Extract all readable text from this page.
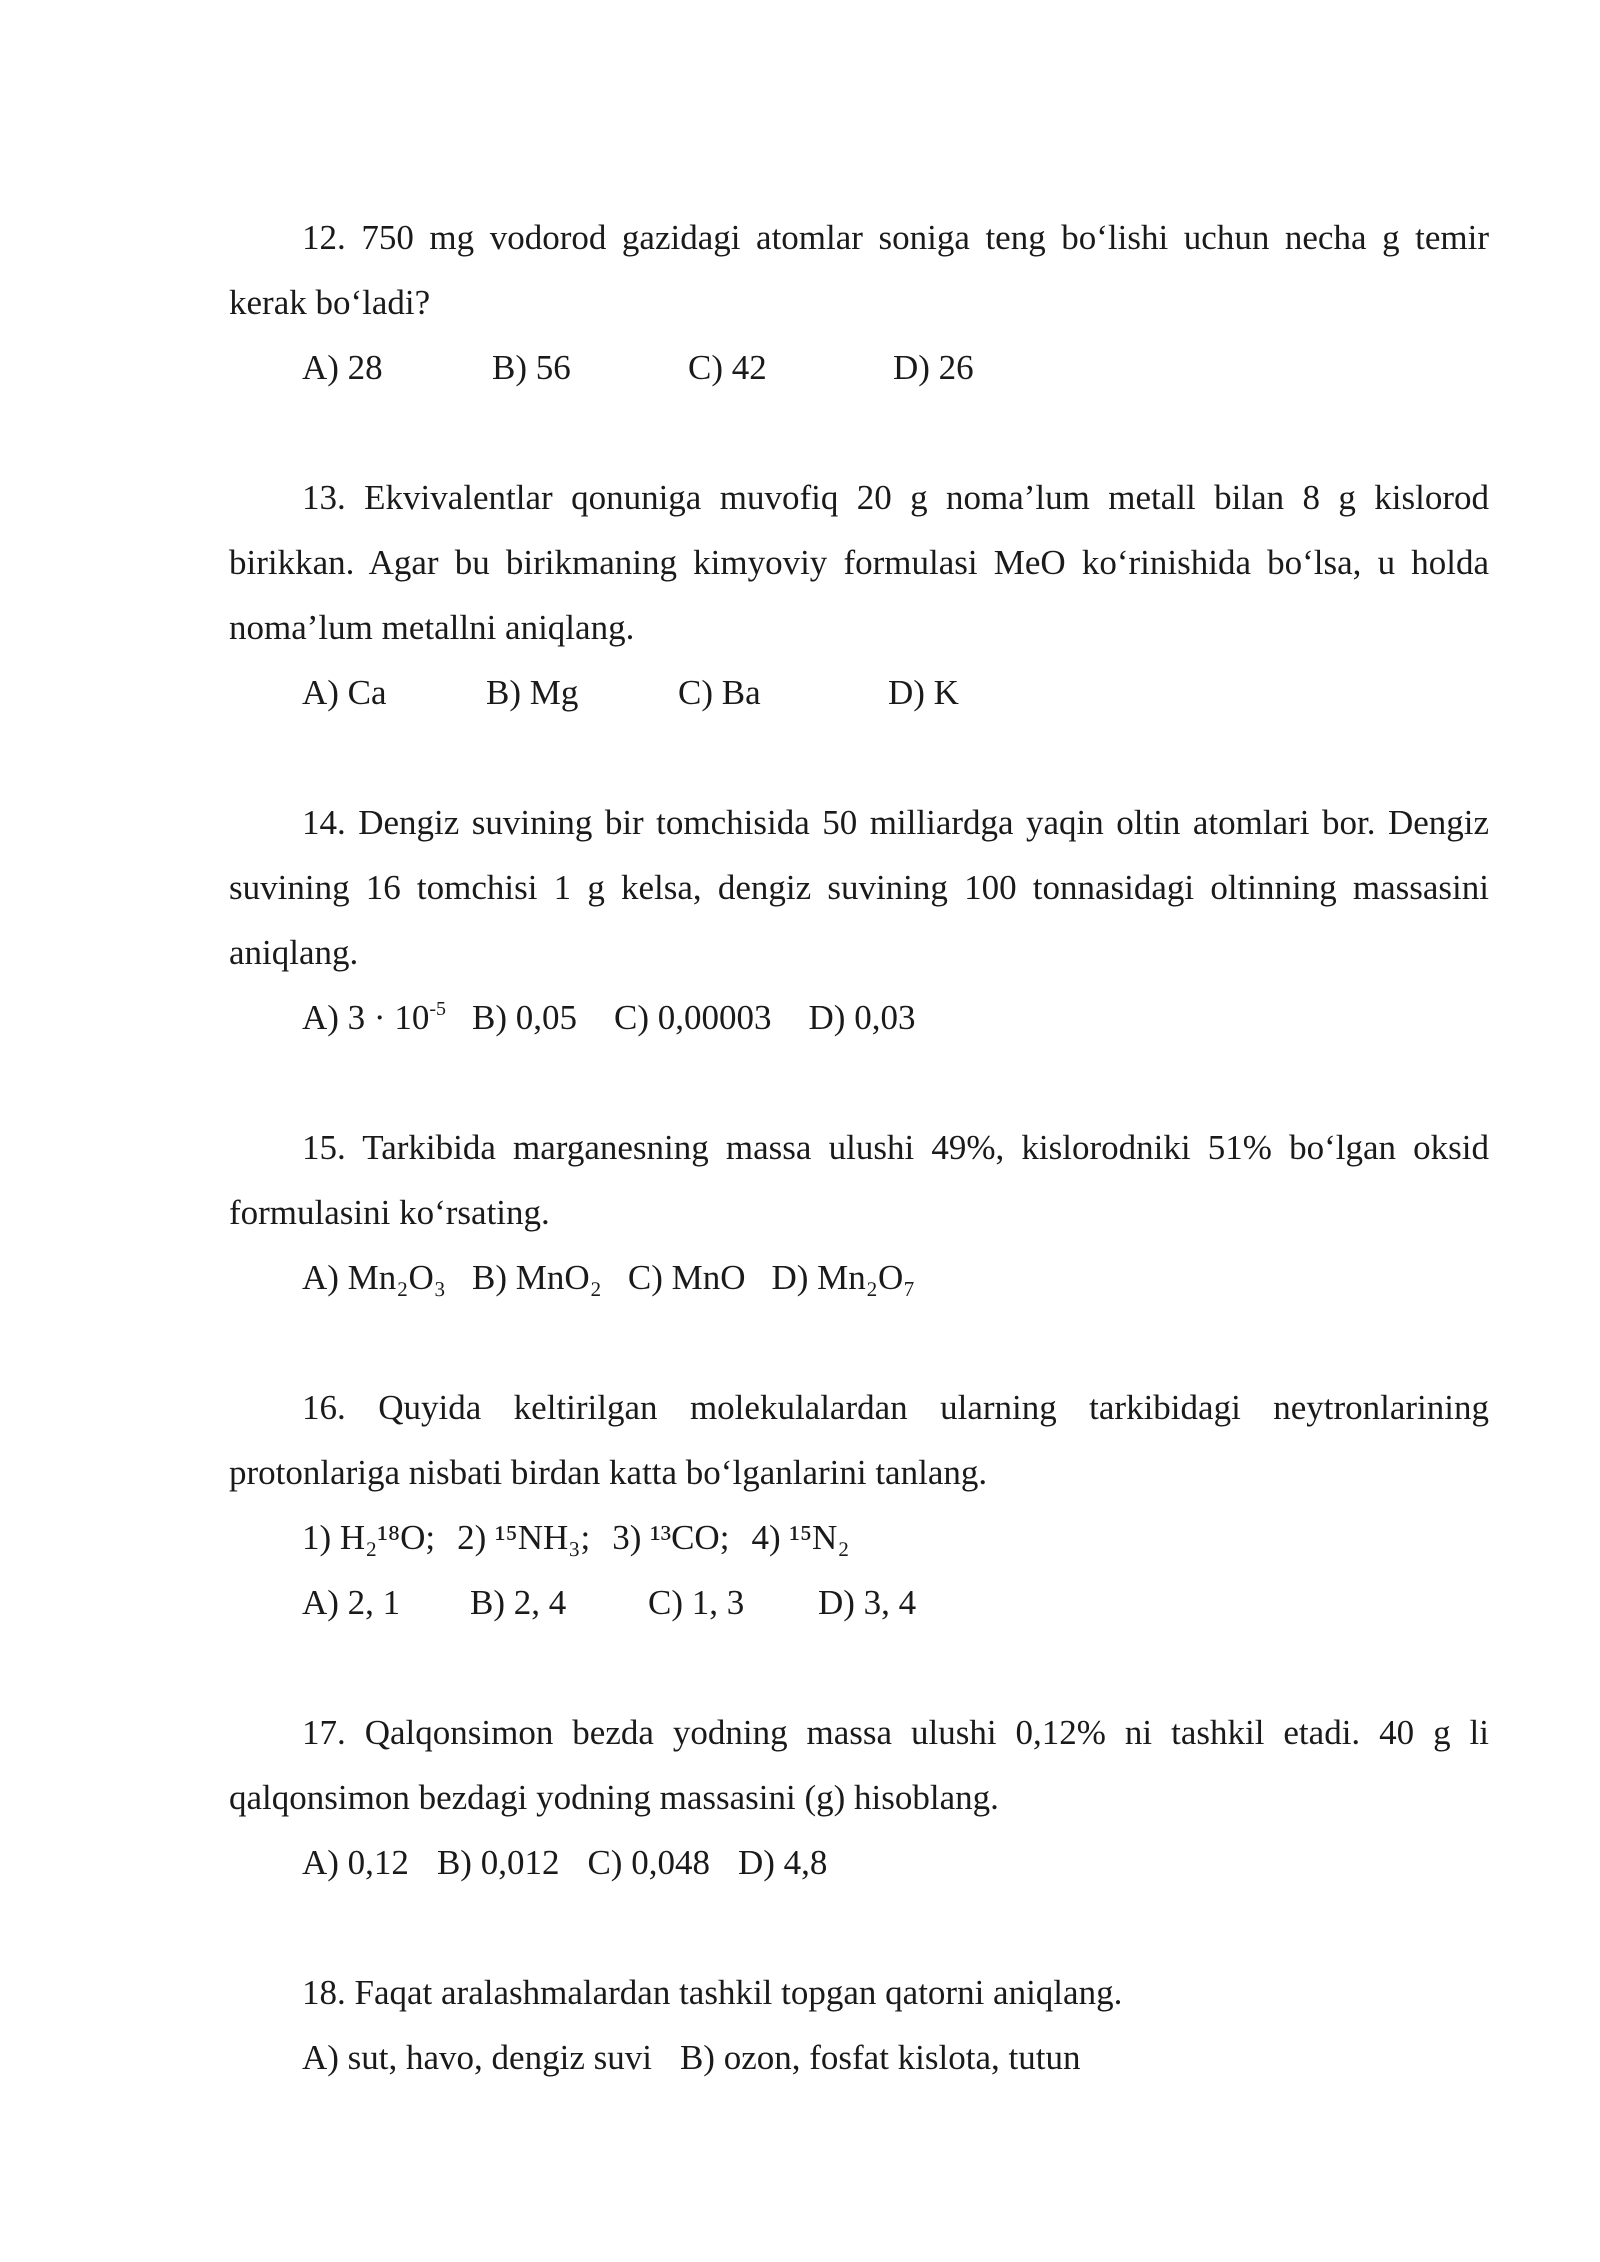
12. 750 mg vodorod gazidagi atomlar soniga teng bo‘lishi uchun necha g temir kerak bo‘ladi?

A) 28	B) 56	C) 42	D) 26

13. Ekvivalentlar qonuniga muvofiq 20 g noma’lum metall bilan 8 g kislorod birikkan. Agar bu birikmaning kimyoviy formulasi MeO ko‘rinishida bo‘lsa, u holda noma’lum metallni aniqlang.

A) Ca	B) Mg	C) Ba	D) K

14. Dengiz suvining bir tomchisida 50 milliardga yaqin oltin atomlari bor. Dengiz suvining 16 tomchisi 1 g kelsa, dengiz suvining 100 tonnasidagi oltinning massasini aniqlang.

A) $3 \cdot 10^{-5}$ B) 0,05 C) 0,00003 D) 0,03

15. Tarkibida marganesning massa ulushi 49%, kislorodniki 51% bo‘lgan oksid formulasini ko‘rsating.

A) Mn₂O₃ B) MnO₂ C) MnO D) Mn₂O₇

16. Quyida keltirilgan molekulalardan ularning tarkibidagi neytronlarining protonlariga nisbati birdan katta bo‘lganlarini tanlang.

1) H₂¹⁸O; 2) ¹⁵NH₃; 3) ¹³CO; 4) ¹⁵N₂
A) 2, 1 B) 2, 4 C) 1, 3 D) 3, 4

17. Qalqonsimon bezda yodning massa ulushi 0,12% ni tashkil etadi. 40 g li qalqonsimon bezdagi yodning massasini (g) hisoblang.

A) 0,12 B) 0,012 C) 0,048 D) 4,8

18. Faqat aralashmalardan tashkil topgan qatorni aniqlang.

A) sut, havo, dengiz suvi B) ozon, fosfat kislota, tutun
